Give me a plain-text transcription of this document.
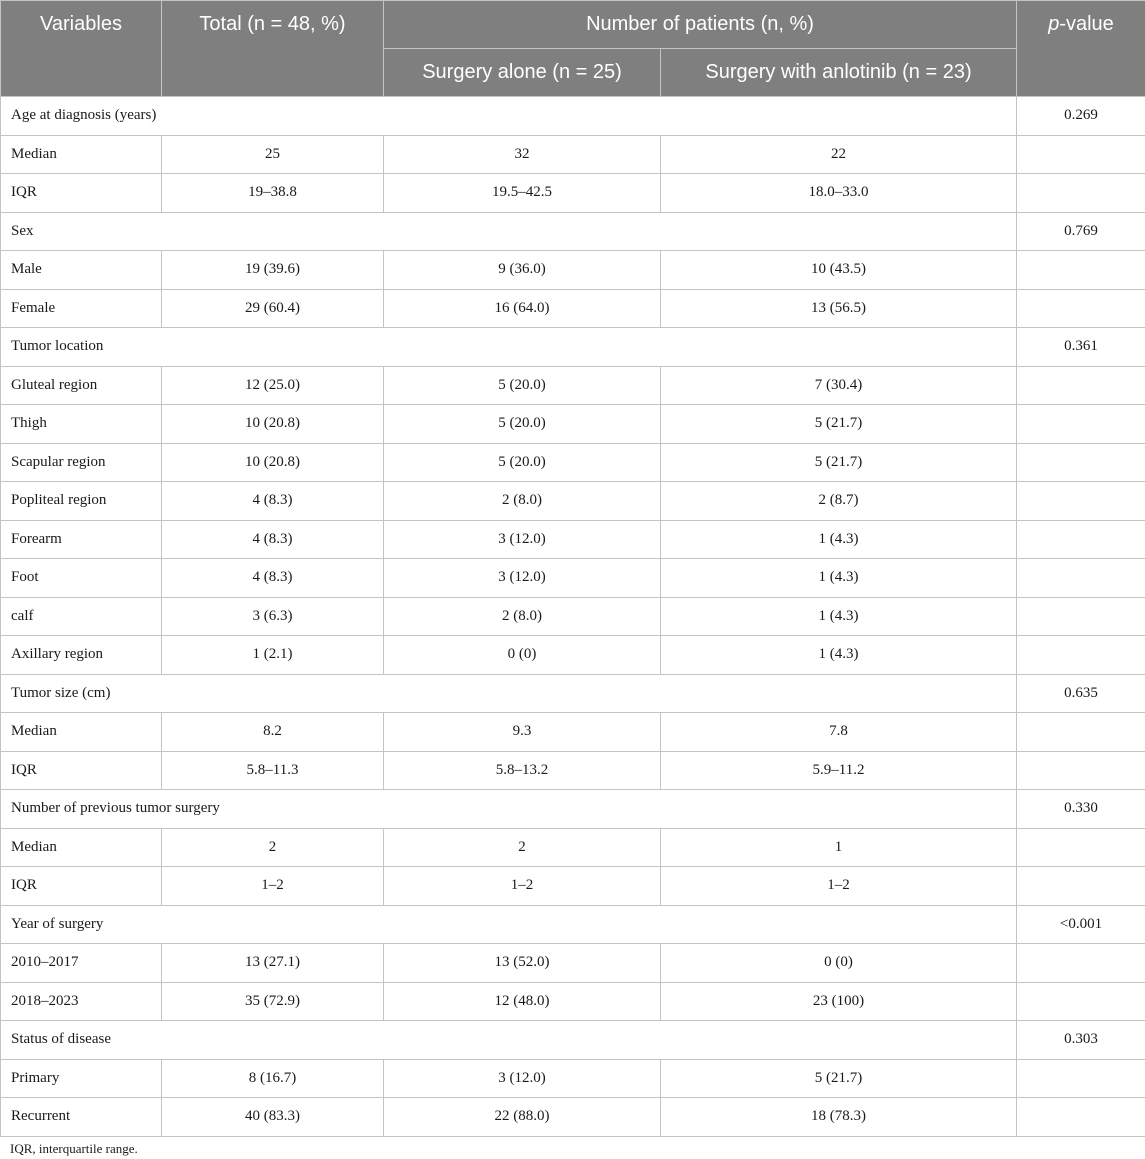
Variables	Total (n = 48, %)	Number of patients (n, %)		p-value
		Surgery alone (n = 25)	Surgery with anlotinib (n = 23)	
Age at diagnosis (years)				0.269
Median	25	32	22	
IQR	19–38.8	19.5–42.5	18.0–33.0	
Sex				0.769
Male	19 (39.6)	9 (36.0)	10 (43.5)	
Female	29 (60.4)	16 (64.0)	13 (56.5)	
Tumor location				0.361
Gluteal region	12 (25.0)	5 (20.0)	7 (30.4)	
Thigh	10 (20.8)	5 (20.0)	5 (21.7)	
Scapular region	10 (20.8)	5 (20.0)	5 (21.7)	
Popliteal region	4 (8.3)	2 (8.0)	2 (8.7)	
Forearm	4 (8.3)	3 (12.0)	1 (4.3)	
Foot	4 (8.3)	3 (12.0)	1 (4.3)	
calf	3 (6.3)	2 (8.0)	1 (4.3)	
Axillary region	1 (2.1)	0 (0)	1 (4.3)	
Tumor size (cm)				0.635
Median	8.2	9.3	7.8	
IQR	5.8–11.3	5.8–13.2	5.9–11.2	
Number of previous tumor surgery				0.330
Median	2	2	1	
IQR	1–2	1–2	1–2	
Year of surgery				<0.001
2010–2017	13 (27.1)	13 (52.0)	0 (0)	
2018–2023	35 (72.9)	12 (48.0)	23 (100)	
Status of disease				0.303
Primary	8 (16.7)	3 (12.0)	5 (21.7)	
Recurrent	40 (83.3)	22 (88.0)	18 (78.3)	

IQR, interquartile range.
